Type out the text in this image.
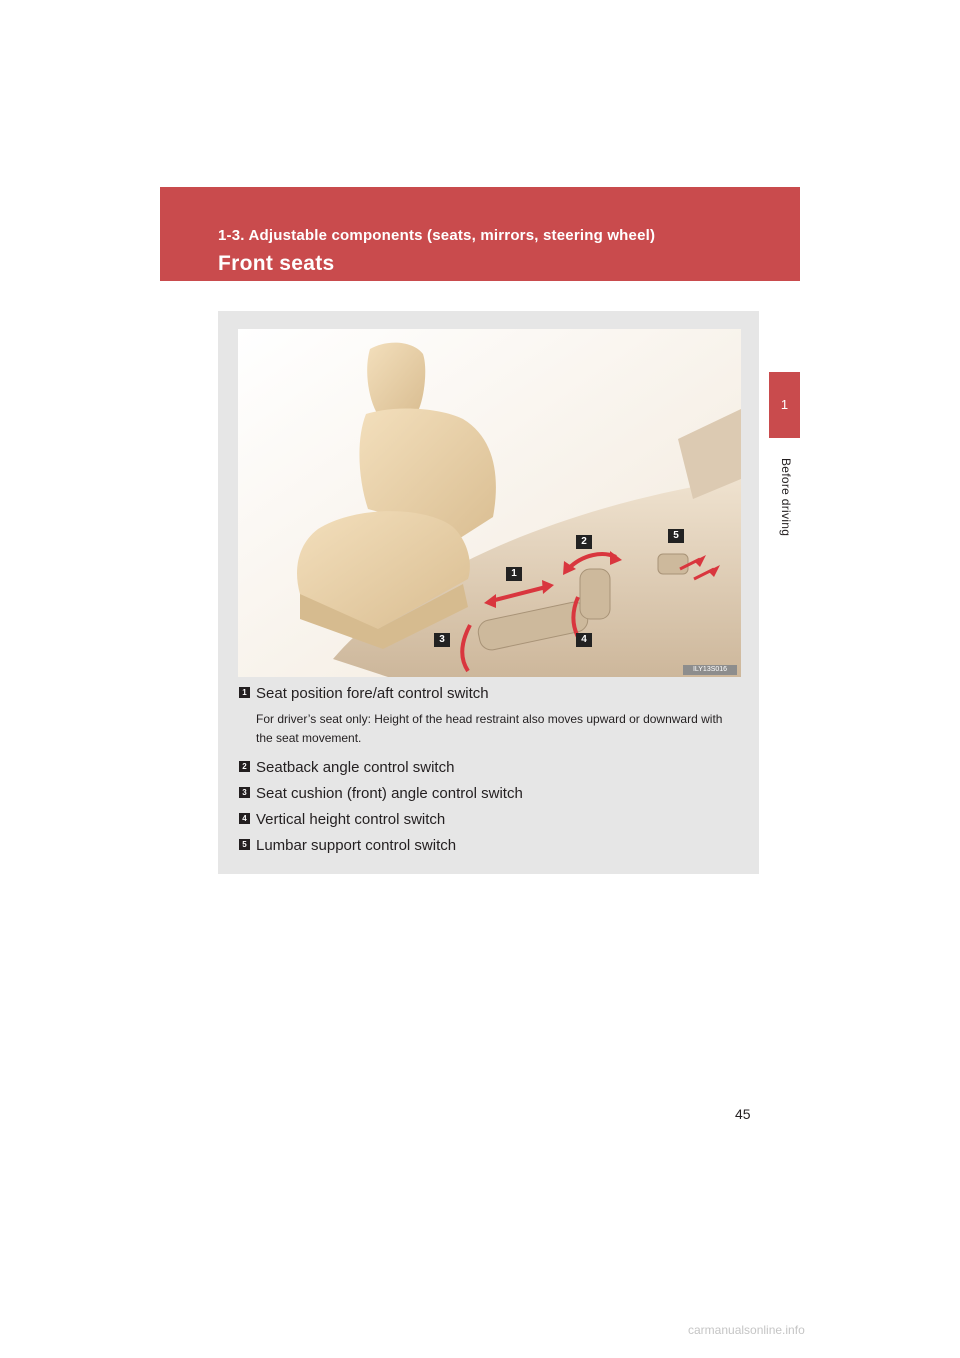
1-3. Adjustable components (seats, mirrors, steering wheel)
Front seats
1
Before driving
1
2
3	4
5
ILY13S016
1 Seat position fore/aft control switch
For driver’s seat only: Height of the head restraint also moves upward or downward with the seat movement.
2 Seatback angle control switch
3 Seat cushion (front) angle control switch
4 Vertical height control switch
5 Lumbar support control switch
45
carmanualsonline.info
